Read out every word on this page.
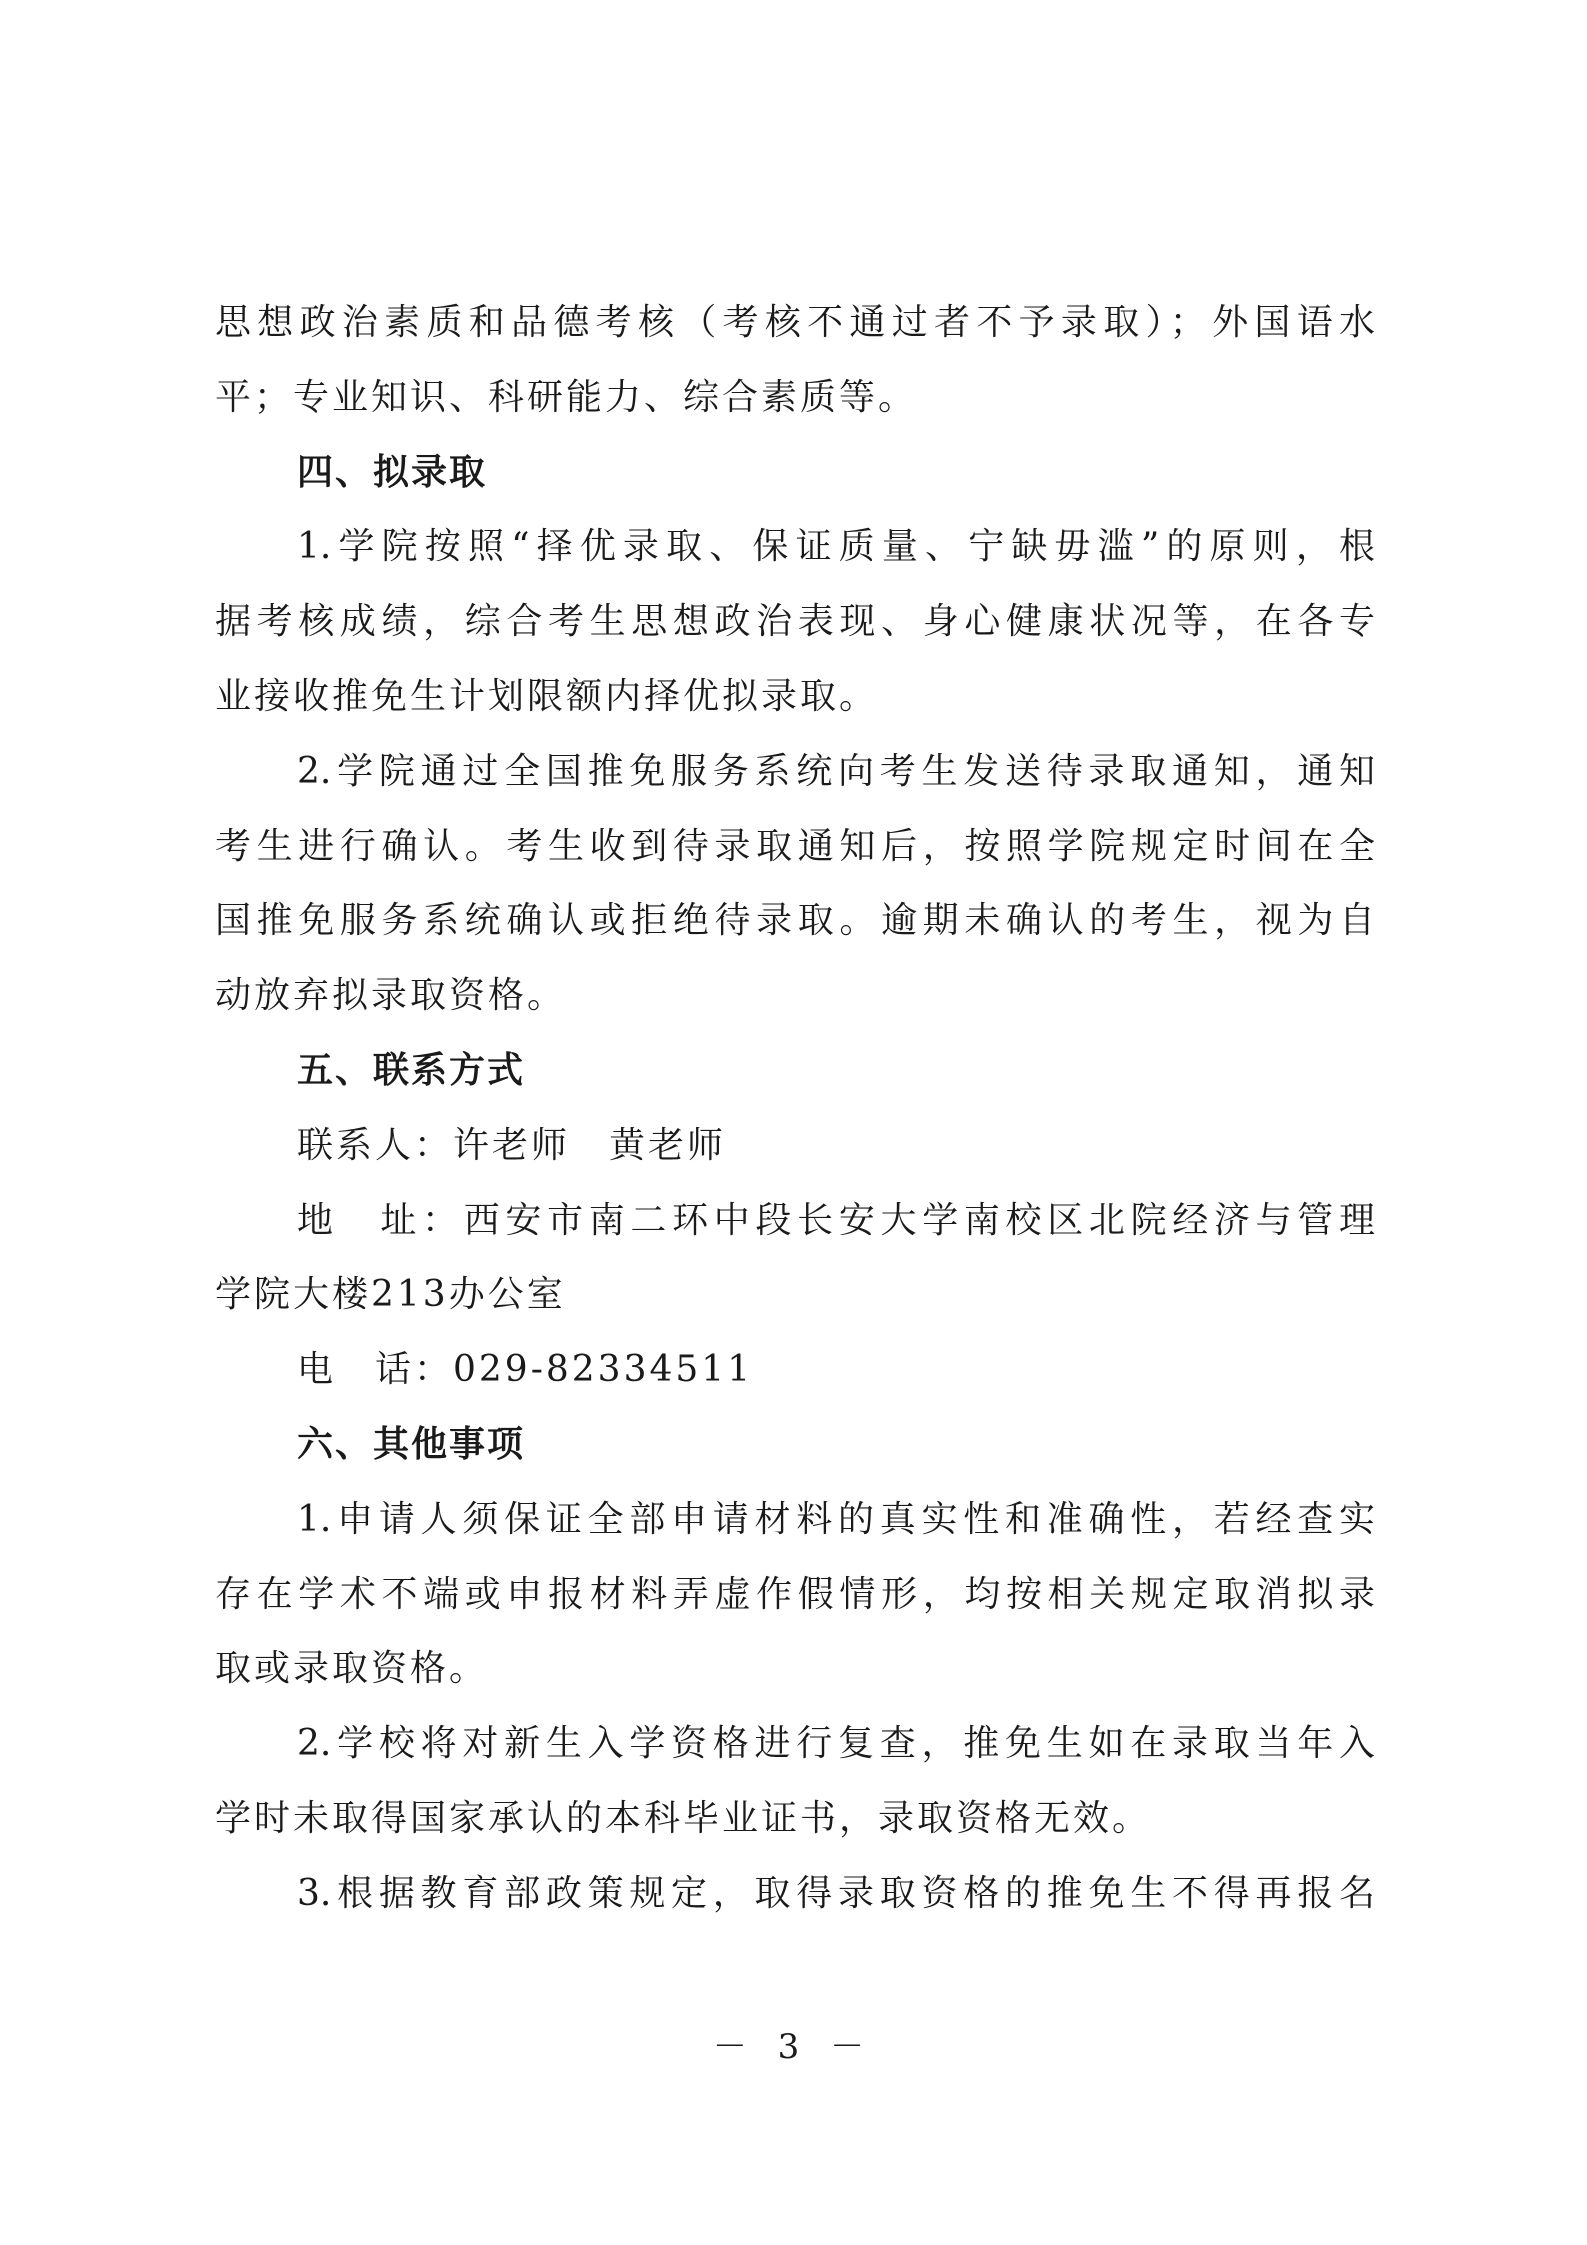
思想政治素质和品德考核（考核不通过者不予录取）；外国语水
平；专业知识、科研能力、综合素质等。
四、拟录取
1.学院按照“择优录取、保证质量、宁缺毋滥”的原则，根
据考核成绩，综合考生思想政治表现、身心健康状况等，在各专
业接收推免生计划限额内择优拟录取。
2.学院通过全国推免服务系统向考生发送待录取通知，通知
考生进行确认。考生收到待录取通知后，按照学院规定时间在全
国推免服务系统确认或拒绝待录取。逾期未确认的考生，视为自
动放弃拟录取资格。
五、联系方式
联系人：许老师　黄老师
地　址：西安市南二环中段长安大学南校区北院经济与管理
学院大楼213办公室
电　话：029-82334511
六、其他事项
1.申请人须保证全部申请材料的真实性和准确性，若经查实
存在学术不端或申报材料弄虚作假情形，均按相关规定取消拟录
取或录取资格。
2.学校将对新生入学资格进行复查，推免生如在录取当年入
学时未取得国家承认的本科毕业证书，录取资格无效。
3.根据教育部政策规定，取得录取资格的推免生不得再报名
－ 3 －
